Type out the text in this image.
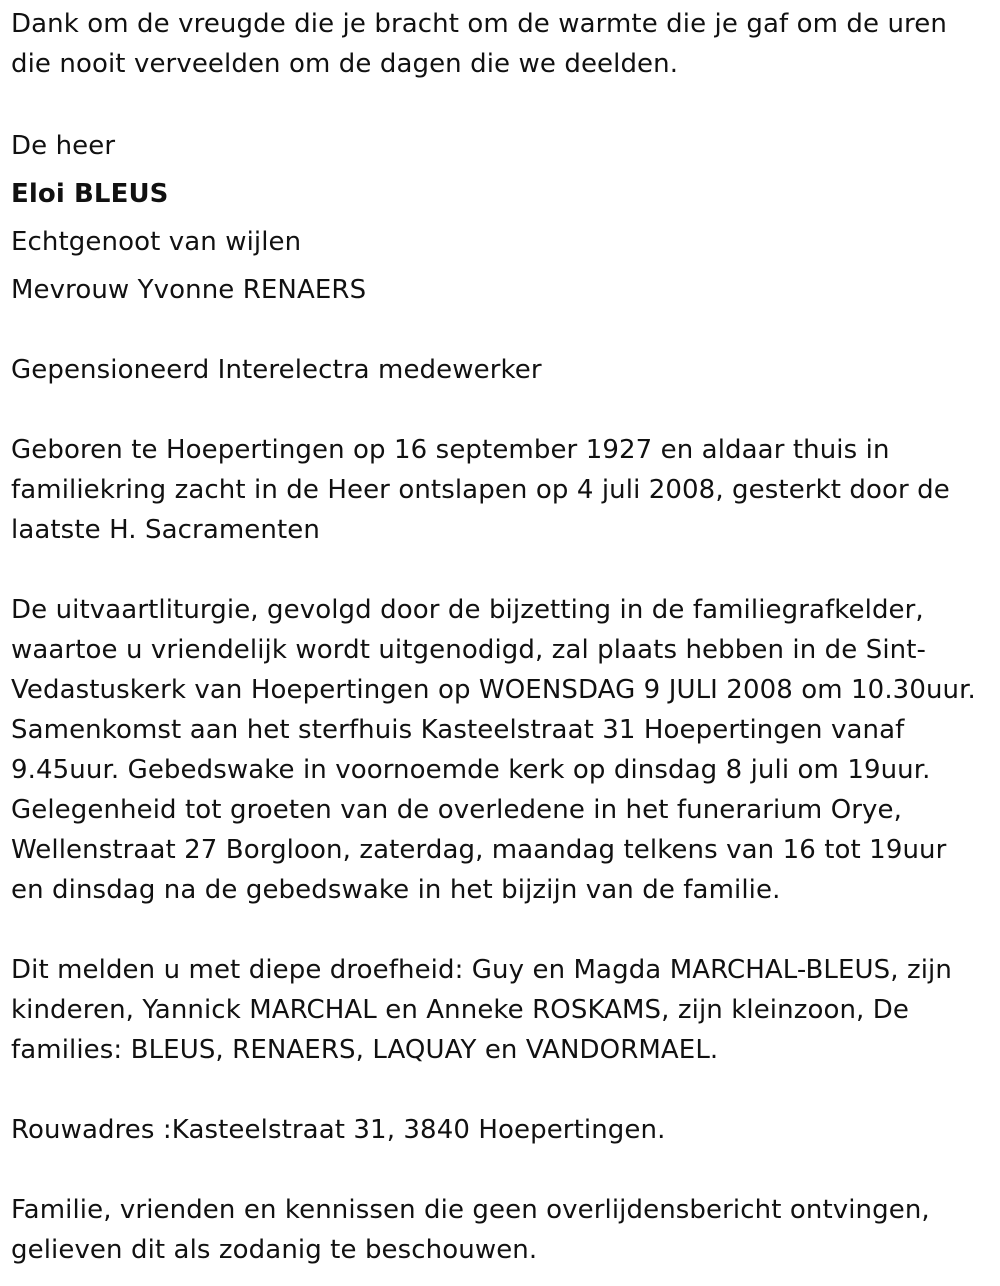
Dank om de vreugde die je bracht om de warmte die je gaf om de uren die nooit verveelden om de dagen die we deelden.

De heer

Eloi BLEUS

Echtgenoot van wijlen

Mevrouw Yvonne RENAERS

Gepensioneerd Interelectra medewerker

Geboren te Hoepertingen op 16 september 1927 en aldaar thuis in familiekring zacht in de Heer ontslapen op 4 juli 2008, gesterkt door de laatste H. Sacramenten

De uitvaartliturgie, gevolgd door de bijzetting in de familiegrafkelder, waartoe u vriendelijk wordt uitgenodigd, zal plaats hebben in de Sint-Vedastuskerk van Hoepertingen op WOENSDAG 9 JULI 2008 om 10.30uur. Samenkomst aan het sterfhuis Kasteelstraat 31 Hoepertingen vanaf 9.45uur. Gebedswake in voornoemde kerk op dinsdag 8 juli om 19uur. Gelegenheid tot groeten van de overledene in het funerarium Orye, Wellenstraat 27 Borgloon, zaterdag, maandag telkens van 16 tot 19uur en dinsdag na de gebedswake in het bijzijn van de familie.

Dit melden u met diepe droefheid: Guy en Magda MARCHAL-BLEUS, zijn kinderen, Yannick MARCHAL en Anneke ROSKAMS, zijn kleinzoon, De families: BLEUS, RENAERS, LAQUAY en VANDORMAEL.

Rouwadres :Kasteelstraat 31, 3840 Hoepertingen.

Familie, vrienden en kennissen die geen overlijdensbericht ontvingen, gelieven dit als zodanig te beschouwen.
